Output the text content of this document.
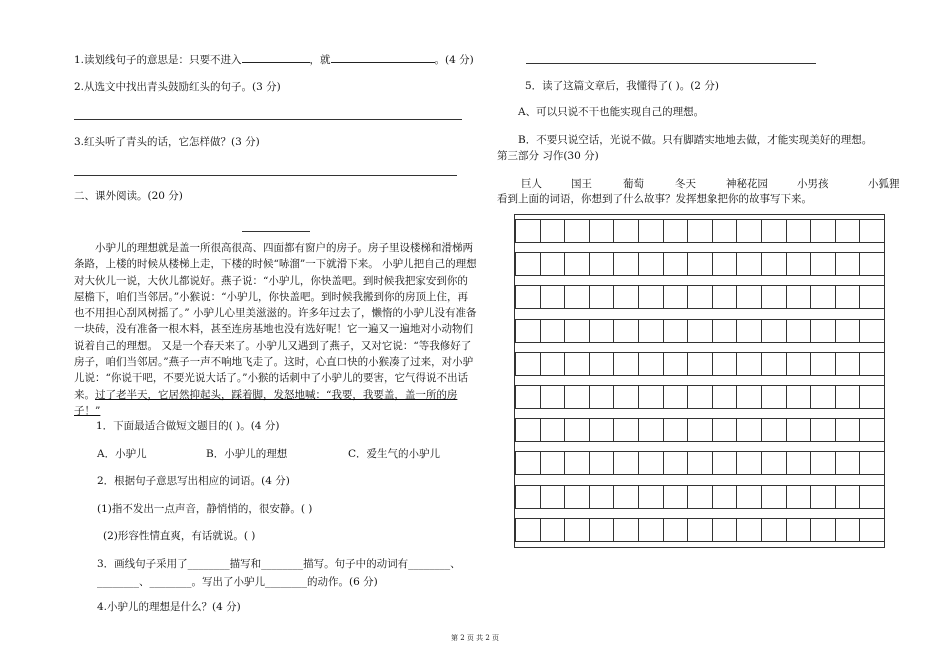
1.读划线句子的意思是：只要不进入	，就	。(4 分)
2.从选文中找出青头鼓励红头的句子。(3 分)
3.红头听了青头的话，它怎样做？(3 分)
二、课外阅读。(20 分)
小驴儿的理想就是盖一所很高很高、四面都有窗户的房子。房子里设楼梯和滑梯两条路，上楼的时候从楼梯上走，下楼的时候“哧溜”一下就滑下来。 小驴儿把自己的理想对大伙儿一说，大伙儿都说好。燕子说：“小驴儿，你快盖吧。到时候我把家安到你的屋檐下，咱们当邻居。”小猴说：“小驴儿，你快盖吧。到时候我搬到你的房顶上住，再也不用担心刮风树摇了。” 小驴儿心里美滋滋的。许多年过去了，懒惰的小驴儿没有准备一块砖，没有准备一根木料，甚至连房基地也没有选好呢！它一遍又一遍地对小动物们说着自己的理想。 又是一个春天来了。小驴儿又遇到了燕子，又对它说：“等我修好了房子，咱们当邻居。”燕子一声不响地飞走了。这时，心直口快的小猴凑了过来，对小驴儿说：“你说干吧，不要光说大话了。”小猴的话刺中了小驴儿的要害，它气得说不出话来。过了老半天，它居然抑起头，踩着脚，发怒地喊：“我要，我要盖，盖一所的房子！”
1．下面最适合做短文题目的( )。(4 分)
A．小驴儿	B．小驴儿的理想	C．爱生气的小驴儿
2．根据句子意思写出相应的词语。(4 分)
(1)指不发出一点声音，静悄悄的，很安静。( )
(2)形容性情直爽，有话就说。( )
3．画线句子采用了________描写和________描写。句子中的动词有________、
________、________。写出了小驴儿________的动作。(6 分)
4.小驴儿的理想是什么？(4 分)
5．读了这篇文章后，我懂得了( )。(2 分)
A、可以只说不干也能实现自己的理想。
B．不要只说空话，光说不做。只有脚踏实地地去做，才能实现美好的理想。
第三部分 习作(30 分)
巨人	国王	葡萄	冬天	神秘花园	小男孩	小狐狸
看到上面的词语，你想到了什么故事？发挥想象把你的故事写下来。
第 2 页 共 2 页
